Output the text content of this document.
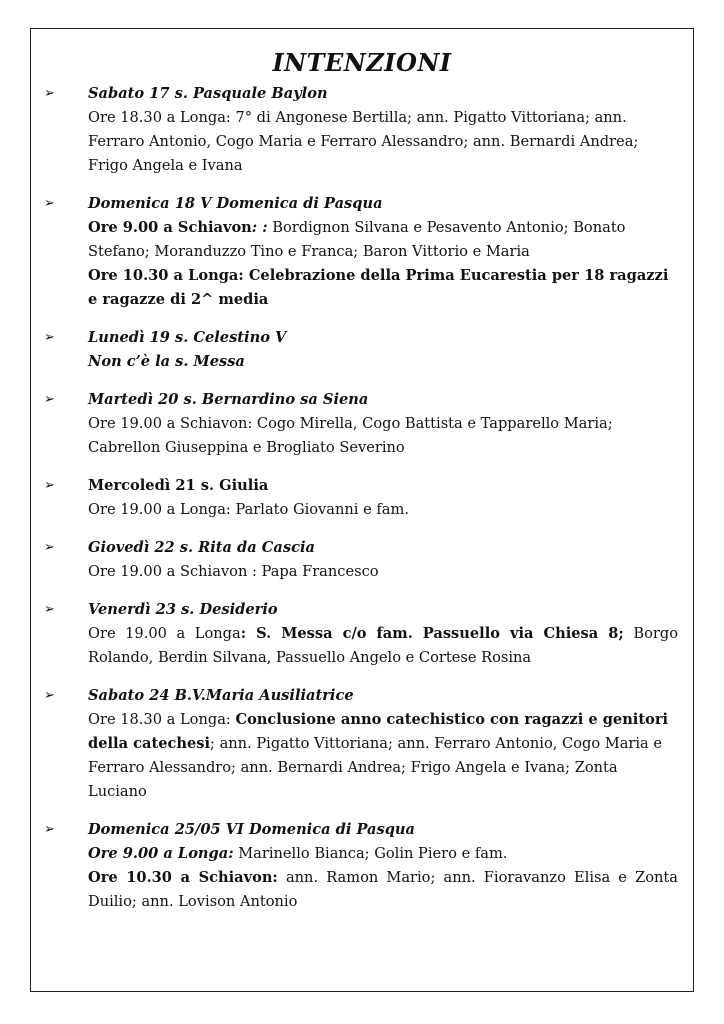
INTENZIONI
➢ Sabato 17 s. Pasquale Baylon
Ore 18.30 a Longa: 7° di Angonese Bertilla; ann. Pigatto Vittoriana; ann. Ferraro Antonio, Cogo Maria e Ferraro Alessandro; ann. Bernardi Andrea; Frigo Angela e Ivana
➢ Domenica 18 V Domenica di Pasqua
Ore 9.00 a Schiavon: : Bordignon Silvana e Pesavento Antonio; Bonato Stefano; Moranduzzo Tino e Franca; Baron Vittorio e Maria
Ore 10.30 a Longa: Celebrazione della Prima Eucarestia per 18 ragazzi e ragazze di 2^ media
➢ Lunedì 19 s. Celestino V
Non c’è la s. Messa
➢ Martedì 20 s. Bernardino sa Siena
Ore 19.00 a Schiavon: Cogo Mirella, Cogo Battista e Tapparello Maria; Cabrellon Giuseppina e Brogliato Severino
➢ Mercoledì 21 s. Giulia
Ore 19.00 a Longa: Parlato Giovanni e fam.
➢ Giovedì 22 s. Rita da Cascia
Ore 19.00 a Schiavon : Papa Francesco
➢ Venerdì 23 s. Desiderio
Ore 19.00 a Longa: S. Messa c/o fam. Passuello via Chiesa 8; Borgo Rolando, Berdin Silvana, Passuello Angelo e Cortese Rosina
➢ Sabato 24 B.V.Maria Ausiliatrice
Ore 18.30 a Longa: Conclusione anno catechistico con ragazzi e genitori della catechesi; ann. Pigatto Vittoriana; ann. Ferraro Antonio, Cogo Maria e Ferraro Alessandro; ann. Bernardi Andrea; Frigo Angela e Ivana; Zonta Luciano
➢ Domenica 25/05 VI Domenica di Pasqua
Ore 9.00 a Longa: Marinello Bianca; Golin Piero e fam.
Ore 10.30 a Schiavon: ann. Ramon Mario; ann. Fioravanzo Elisa e Zonta Duilio; ann. Lovison Antonio
